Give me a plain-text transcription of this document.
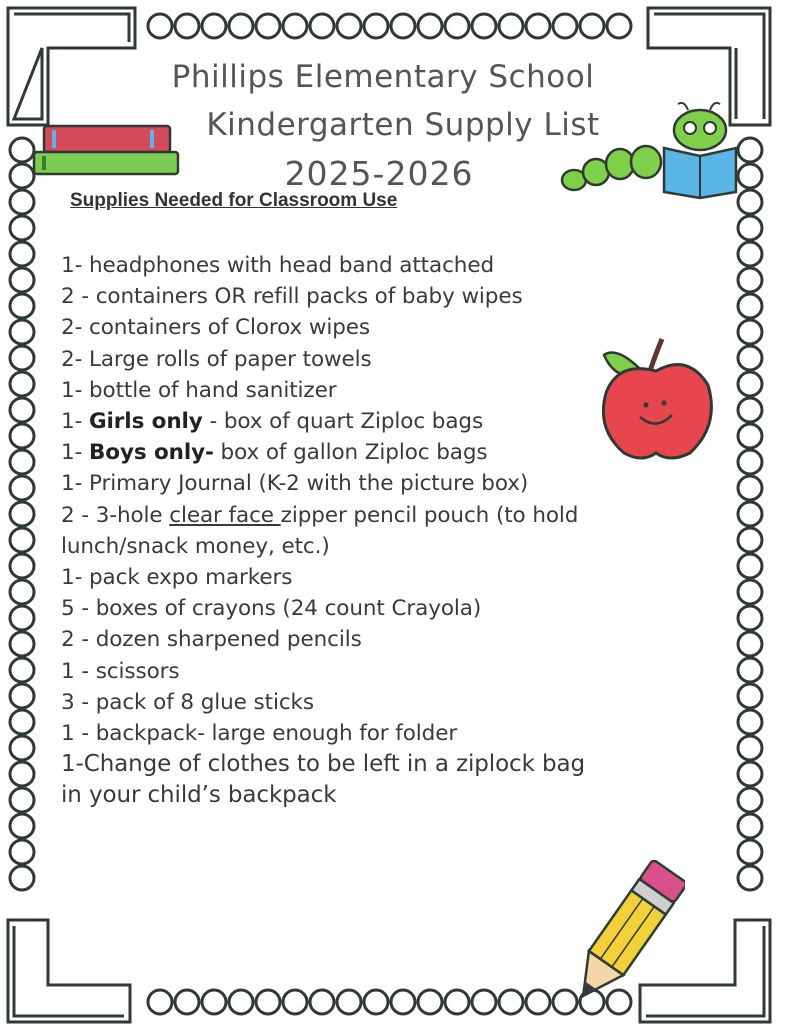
Phillips Elementary School
Kindergarten Supply List
2025-2026
Supplies Needed for Classroom Use
1- headphones with head band attached
2 - containers OR refill packs of baby wipes
2- containers of Clorox wipes
2- Large rolls of paper towels
1- bottle of hand sanitizer
1- Girls only - box of quart Ziploc bags
1- Boys only- box of gallon Ziploc bags
1- Primary Journal (K-2 with the picture box)
2 - 3-hole clear face zipper pencil pouch (to hold
lunch/snack money, etc.)
1- pack expo markers
5 - boxes of crayons (24 count Crayola)
2 - dozen sharpened pencils
1 - scissors
3 - pack of 8 glue sticks
1 - backpack- large enough for folder
1-Change of clothes to be left in a ziplock bag
in your child’s backpack
